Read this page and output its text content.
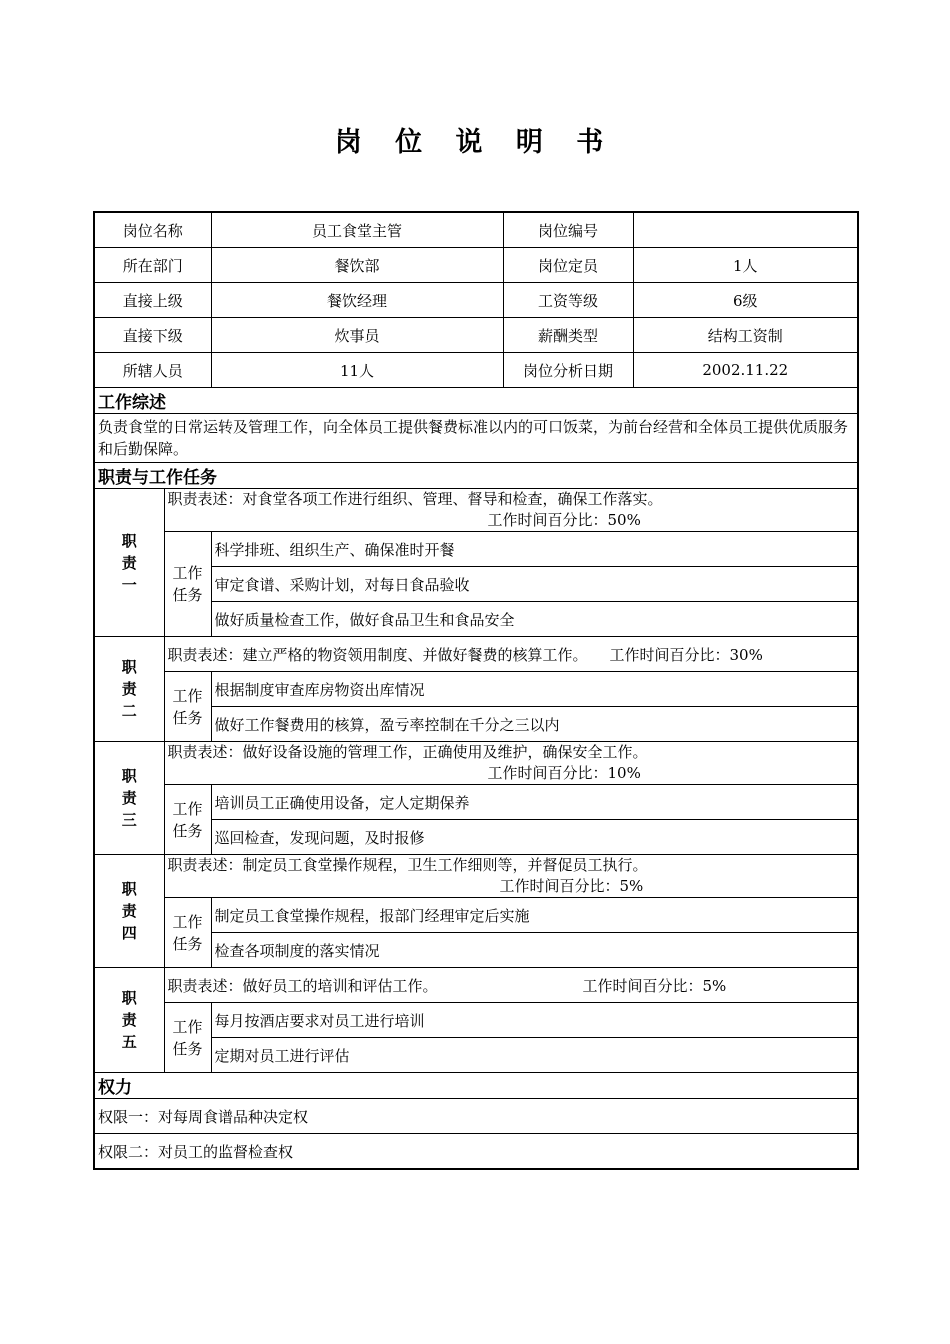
岗 位 说 明 书
岗位名称		员工食堂主管	岗位编号	
所在部门		餐饮部	岗位定员	1人
直接上级		餐饮经理	工资等级	6级
直接下级		炊事员	薪酬类型	结构工资制
所辖人员		11人	岗位分析日期	2002.11.22
工作综述				
负责食堂的日常运转及管理工作，向全体员工提供餐费标准以内的可口饭菜，为前台经营和全体员工提供优质服务和后勤保障。				
职责与工作任务				

职
责
一	职责表述：对食堂各项工作进行组织、管理、督导和检查，确保工作落实。
工作时间百分比：50%			

	工作
任务	科学排班、组织生产、确保准时开餐		
		审定食谱、采购计划，对每日食品验收		
		做好质量检查工作，做好食品卫生和食品安全		

职
责
二	职责表述：建立严格的物资领用制度、并做好餐费的核算工作。 工作时间百分比：30%			

	工作
任务	根据制度审查库房物资出库情况		
		做好工作餐费用的核算，盈亏率控制在千分之三以内		

职
责
三	职责表述：做好设备设施的管理工作，正确使用及维护，确保安全工作。
工作时间百分比：10%			

	工作
任务	培训员工正确使用设备，定人定期保养		
		巡回检查，发现问题，及时报修		

职
责
四	职责表述：制定员工食堂操作规程，卫生工作细则等，并督促员工执行。
工作时间百分比：5%			

	工作
任务	制定员工食堂操作规程，报部门经理审定后实施		
		检查各项制度的落实情况		

职
责
五	职责表述：做好员工的培训和评估工作。 工作时间百分比：5%			

	工作
任务	每月按酒店要求对员工进行培训		
		定期对员工进行评估		
权力				
权限一：对每周食谱品种决定权				
权限二：对员工的监督检查权				
